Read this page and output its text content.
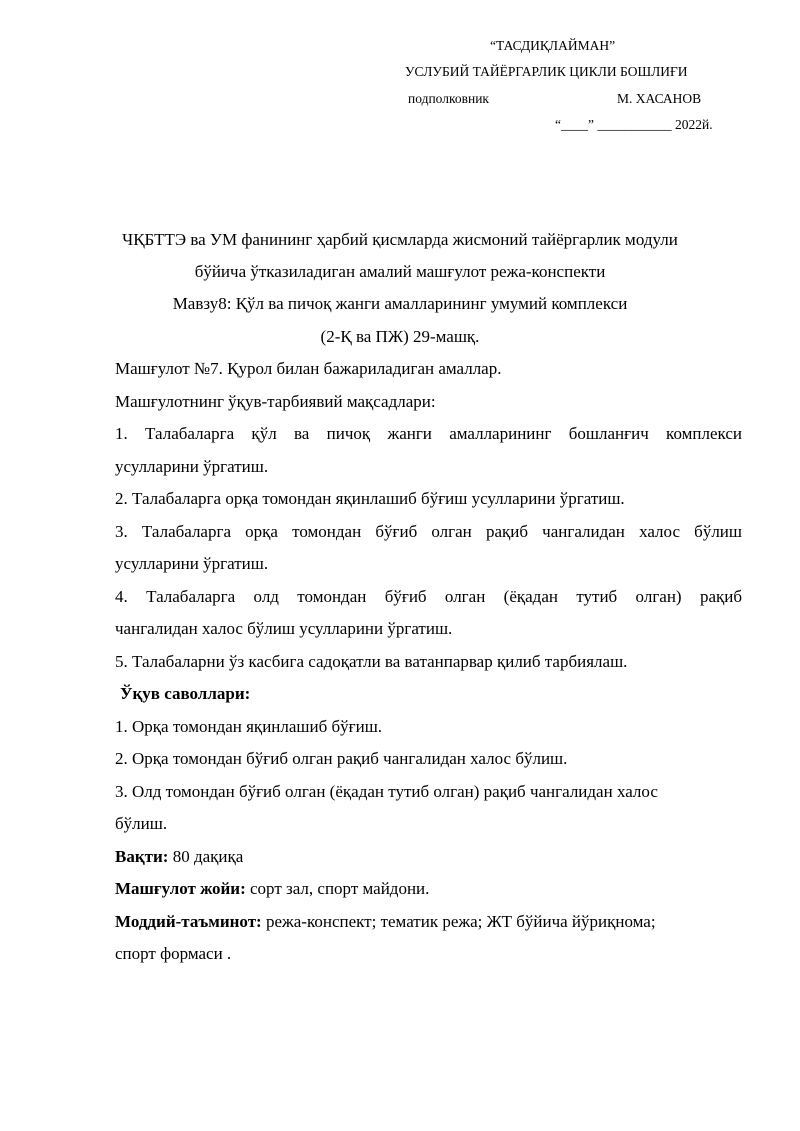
“ТАСДИҚЛАЙМАН”
УСЛУБИЙ ТАЙЁРГАРЛИК ЦИКЛИ БОШЛИҒИ
подполковник	М. ХАСАНОВ
“____” ___________ 2022й.
ЧҚБТТЭ ва УМ фанининг ҳарбий қисмларда жисмоний тайёргарлик модули
бўйича ўтказиладиган амалий машғулот режа-конспекти
Мавзу8: Қўл ва пичоқ жанги амалларининг умумий комплекси
(2-Қ ва ПЖ) 29-машқ.

Машғулот №7. Қурол билан бажариладиган амаллар.

Машғулотнинг ўқув-тарбиявий мақсадлари:

1. Талабаларга қўл ва пичоқ жанги амалларининг бошланғич комплекси
усулларини ўргатиш.

2. Талабаларга орқа томондан яқинлашиб бўғиш усулларини ўргатиш.

3. Талабаларга орқа томондан бўғиб олган рақиб чангалидан халос бўлиш
усулларини ўргатиш.

4. Талабаларга олд томондан бўғиб олган (ёқадан тутиб олган) рақиб
чангалидан халос бўлиш усулларини ўргатиш.

5. Талабаларни ўз касбига садоқатли ва ватанпарвар қилиб тарбиялаш.

Ўқув саволлари:

1. Орқа томондан яқинлашиб бўғиш.

2. Орқа томондан бўғиб олган рақиб чангалидан халос бўлиш.

3. Олд томондан бўғиб олган (ёқадан тутиб олган) рақиб чангалидан халос
бўлиш.

Вақти: 80 дақиқа

Машғулот жойи: сорт зал, спорт майдони.

Моддий-таъминот: режа-конспект; тематик режа; ЖТ бўйича йўриқнома;
спорт формаси .
